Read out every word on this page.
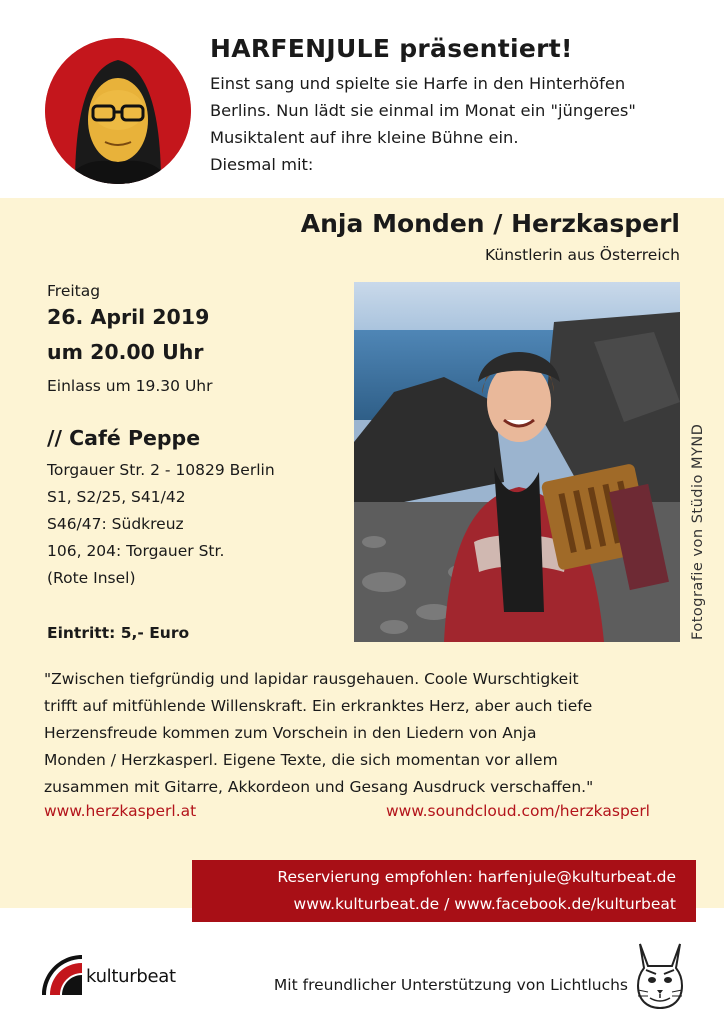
HARFENJULE präsentiert!
Einst sang und spielte sie Harfe in den Hinterhöfen
Berlins. Nun lädt sie einmal im Monat ein "jüngeres"
Musiktalent auf ihre kleine Bühne ein.
Diesmal mit:
Anja Monden / Herzkasperl
Künstlerin aus Österreich
Freitag
26. April 2019
um 20.00 Uhr
Einlass um 19.30 Uhr
// Café Peppe
Torgauer Str. 2 - 10829 Berlin
S1, S2/25, S41/42
S46/47: Südkreuz
106, 204: Torgauer Str.
(Rote Insel)
Eintritt: 5,- Euro	Fotografie von Stüdio MYND
"Zwischen tiefgründig und lapidar rausgehauen. Coole Wurschtigkeit
trifft auf mitfühlende Willenskraft. Ein erkranktes Herz, aber auch tiefe
Herzensfreude kommen zum Vorschein in den Liedern von Anja
Monden / Herzkasperl. Eigene Texte, die sich momentan vor allem
zusammen mit Gitarre, Akkordeon und Gesang Ausdruck verschaffen."
www.herzkasperl.at	www.soundcloud.com/herzkasperl
Reservierung empfohlen: harfenjule@kulturbeat.de
www.kulturbeat.de / www.facebook.de/kulturbeat
kulturbeat	Mit freundlicher Unterstützung von Lichtluchs
